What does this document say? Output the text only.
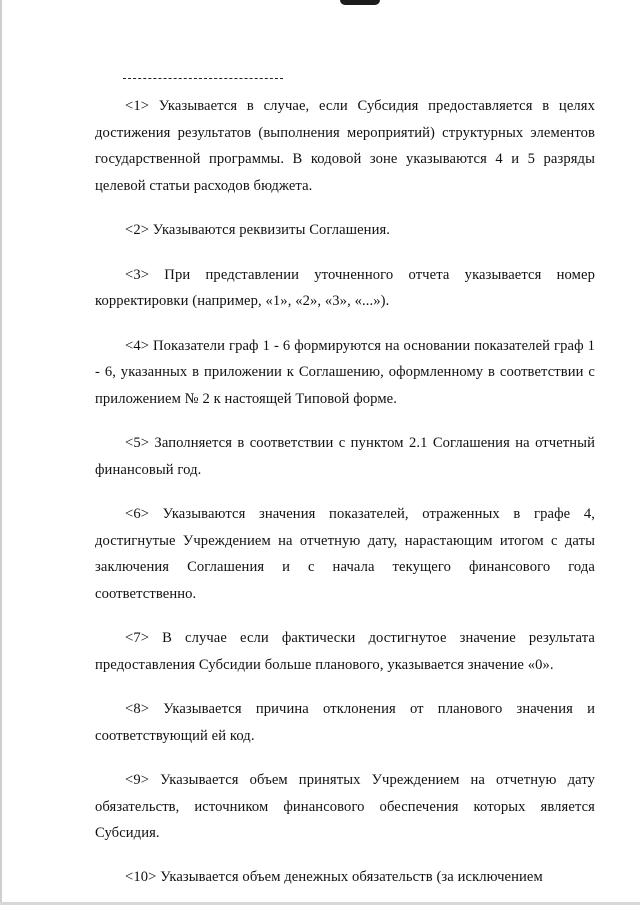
<1> Указывается в случае, если Субсидия предоставляется в целях достижения результатов (выполнения мероприятий) структурных элементов государственной программы. В кодовой зоне указываются 4 и 5 разряды целевой статьи расходов бюджета.

<2> Указываются реквизиты Соглашения.

<3> При представлении уточненного отчета указывается номер корректировки (например, «1», «2», «3», «...»).

<4> Показатели граф 1 - 6 формируются на основании показателей граф 1 - 6, указанных в приложении к Соглашению, оформленному в соответствии с приложением № 2 к настоящей Типовой форме.

<5> Заполняется в соответствии с пунктом 2.1 Соглашения на отчетный финансовый год.

<6> Указываются значения показателей, отраженных в графе 4, достигнутые Учреждением на отчетную дату, нарастающим итогом с даты заключения Соглашения и с начала текущего финансового года соответственно.

<7> В случае если фактически достигнутое значение результата предоставления Субсидии больше планового, указывается значение «0».

<8> Указывается причина отклонения от планового значения и соответствующий ей код.

<9> Указывается объем принятых Учреждением на отчетную дату обязательств, источником финансового обеспечения которых является Субсидия.

<10> Указывается объем денежных обязательств (за исключением
